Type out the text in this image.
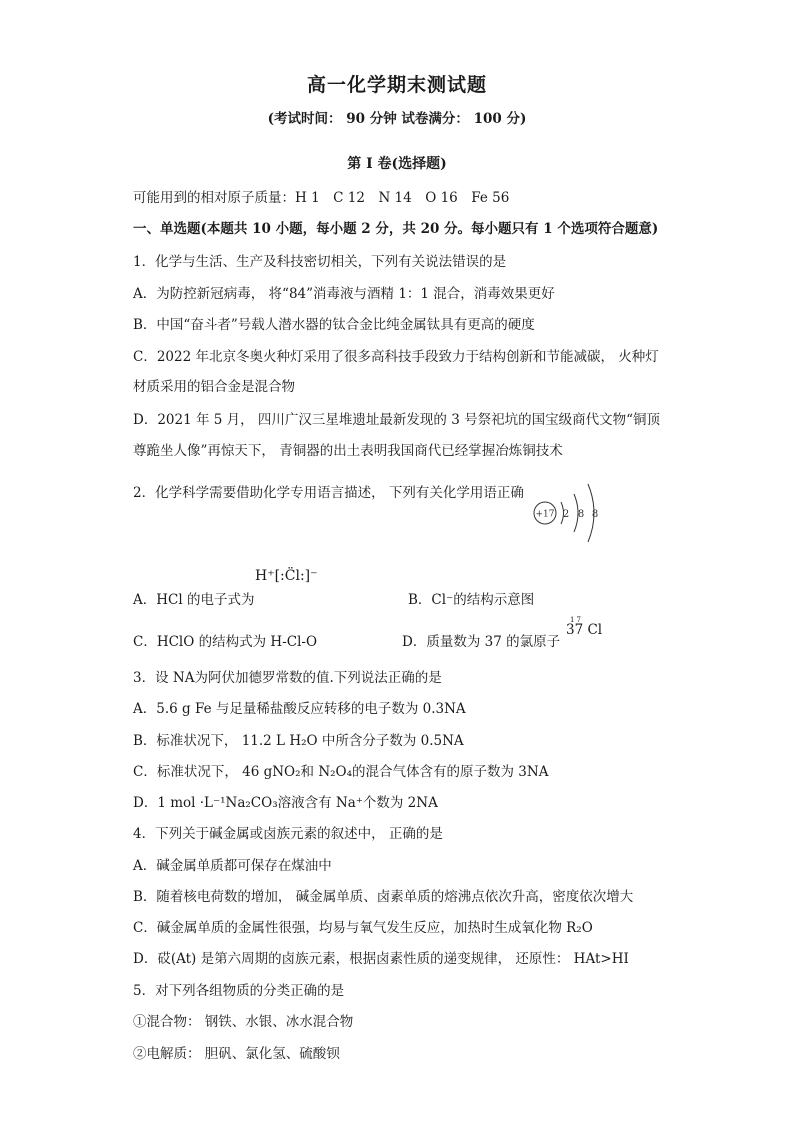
高一化学期末测试题
(考试时间： 90 分钟 试卷满分： 100 分)
第 I 卷(选择题)
可能用到的相对原子质量：H 1　C 12　N 14　O 16　Fe 56
一、单选题(本题共 10 小题，每小题 2 分，共 20 分。每小题只有 1 个选项符合题意)
1．化学与生活、生产及科技密切相关，下列有关说法错误的是
A．为防控新冠病毒， 将“84”消毒液与酒精 1：1 混合，消毒效果更好
B．中国“奋斗者”号载人潜水器的钛合金比纯金属钛具有更高的硬度
C．2022 年北京冬奥火种灯采用了很多高科技手段致力于结构创新和节能减碳， 火种灯
材质采用的铝合金是混合物
D．2021 年 5 月， 四川广汉三星堆遗址最新发现的 3 号祭祀坑的国宝级商代文物“铜顶
尊跪坐人像”再惊天下， 青铜器的出土表明我国商代已经掌握冶炼铜技术
2．化学科学需要借助化学专用语言描述， 下列有关化学用语正确
+17 2 8 8
H⁺[:C̈l:]⁻
A．HCl 的电子式为	B．Cl⁻的结构示意图
C．HClO 的结构式为 H-Cl-O	D．质量数为 37 的氯原子
17
37 Cl
3．设 NA为阿伏加德罗常数的值.下列说法正确的是
A．5.6 g Fe 与足量稀盐酸反应转移的电子数为 0.3NA
B．标准状况下， 11.2 L H₂O 中所含分子数为 0.5NA
C．标准状况下， 46 gNO₂和 N₂O₄的混合气体含有的原子数为 3NA
D．1 mol ·L⁻¹Na₂CO₃溶液含有 Na⁺个数为 2NA
4．下列关于碱金属或卤族元素的叙述中， 正确的是
A．碱金属单质都可保存在煤油中
B．随着核电荷数的增加， 碱金属单质、卤素单质的熔沸点依次升高，密度依次增大
C．碱金属单质的金属性很强，均易与氧气发生反应，加热时生成氧化物 R₂O
D．砹(At) 是第六周期的卤族元素，根据卤素性质的递变规律， 还原性： HAt>HI
5．对下列各组物质的分类正确的是
①混合物： 钢铁、水银、冰水混合物
②电解质： 胆矾、氯化氢、硫酸钡
